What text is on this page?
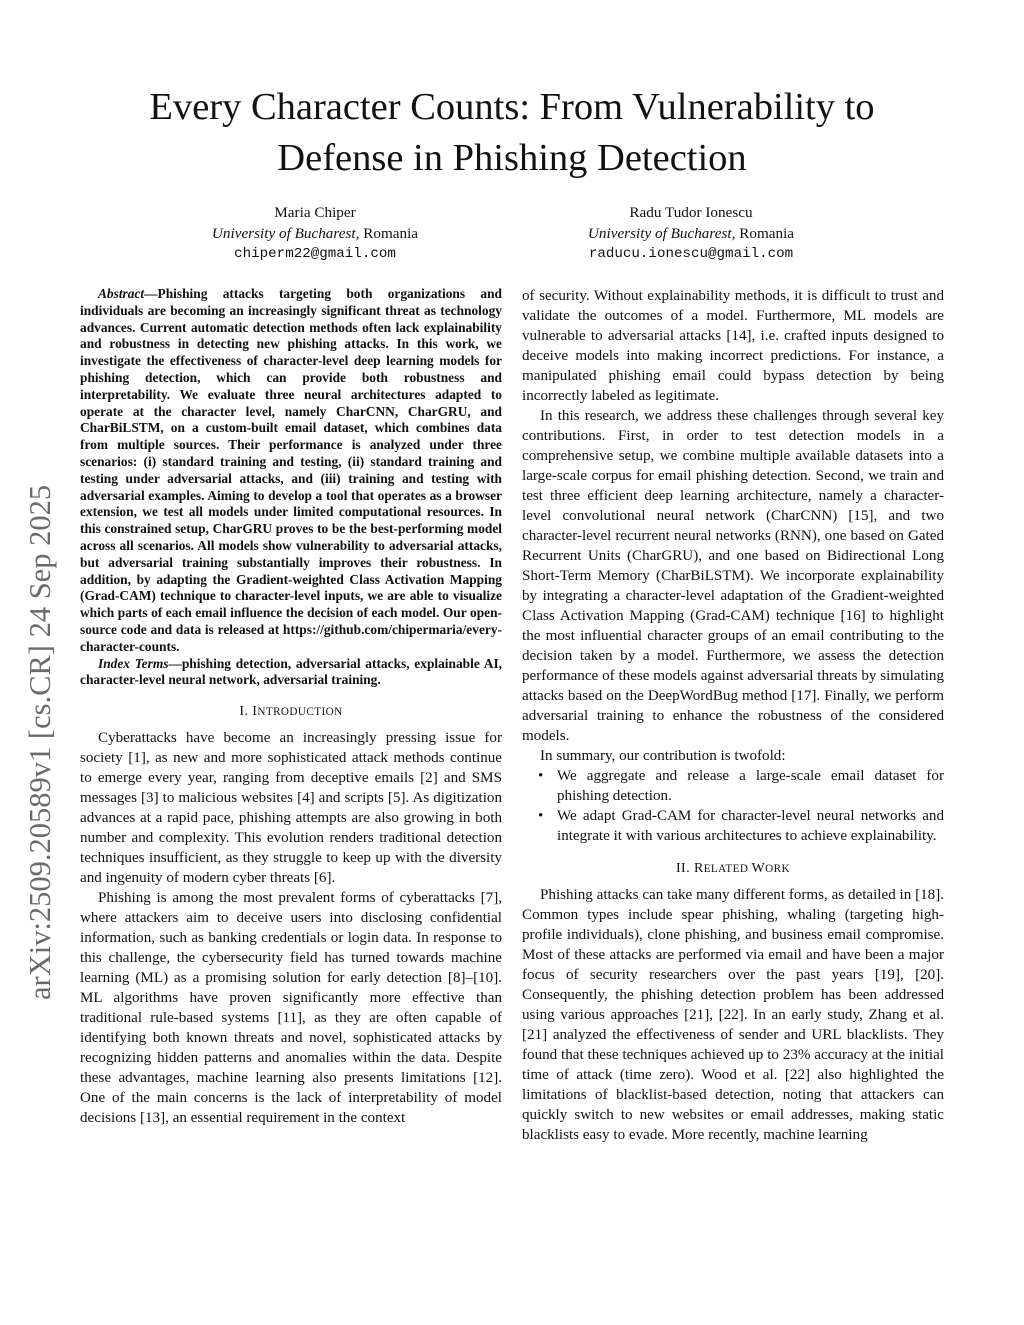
arXiv:2509.20589v1 [cs.CR] 24 Sep 2025
Every Character Counts: From Vulnerability to
Defense in Phishing Detection
Maria Chiper
University of Bucharest, Romania
chiperm22@gmail.com
Radu Tudor Ionescu
University of Bucharest, Romania
raducu.ionescu@gmail.com

Abstract—Phishing attacks targeting both organizations and individuals are becoming an increasingly significant threat as technology advances. Current automatic detection methods often lack explainability and robustness in detecting new phishing attacks. In this work, we investigate the effectiveness of character-level deep learning models for phishing detection, which can provide both robustness and interpretability. We evaluate three neural architectures adapted to operate at the character level, namely CharCNN, CharGRU, and CharBiLSTM, on a custom-built email dataset, which combines data from multiple sources. Their performance is analyzed under three scenarios: (i) standard training and testing, (ii) standard training and testing under adversarial attacks, and (iii) training and testing with adversarial examples. Aiming to develop a tool that operates as a browser extension, we test all models under limited computational resources. In this constrained setup, CharGRU proves to be the best-performing model across all scenarios. All models show vulnerability to adversarial attacks, but adversarial training substantially improves their robustness. In addition, by adapting the Gradient-weighted Class Activation Mapping (Grad-CAM) technique to character-level inputs, we are able to visualize which parts of each email influence the decision of each model. Our open-source code and data is released at https://github.com/chipermaria/every-character-counts.

Index Terms—phishing detection, adversarial attacks, explainable AI, character-level neural network, adversarial training.

I. INTRODUCTION

Cyberattacks have become an increasingly pressing issue for society [1], as new and more sophisticated attack methods continue to emerge every year, ranging from deceptive emails [2] and SMS messages [3] to malicious websites [4] and scripts [5]. As digitization advances at a rapid pace, phishing attempts are also growing in both number and complexity. This evolution renders traditional detection techniques insufficient, as they struggle to keep up with the diversity and ingenuity of modern cyber threats [6].

Phishing is among the most prevalent forms of cyberattacks [7], where attackers aim to deceive users into disclosing confidential information, such as banking credentials or login data. In response to this challenge, the cybersecurity field has turned towards machine learning (ML) as a promising solution for early detection [8]–[10]. ML algorithms have proven significantly more effective than traditional rule-based systems [11], as they are often capable of identifying both known threats and novel, sophisticated attacks by recognizing hidden patterns and anomalies within the data. Despite these advantages, machine learning also presents limitations [12]. One of the main concerns is the lack of interpretability of model decisions [13], an essential requirement in the context

of security. Without explainability methods, it is difficult to trust and validate the outcomes of a model. Furthermore, ML models are vulnerable to adversarial attacks [14], i.e. crafted inputs designed to deceive models into making incorrect predictions. For instance, a manipulated phishing email could bypass detection by being incorrectly labeled as legitimate.

In this research, we address these challenges through several key contributions. First, in order to test detection models in a comprehensive setup, we combine multiple available datasets into a large-scale corpus for email phishing detection. Second, we train and test three efficient deep learning architecture, namely a character-level convolutional neural network (CharCNN) [15], and two character-level recurrent neural networks (RNN), one based on Gated Recurrent Units (CharGRU), and one based on Bidirectional Long Short-Term Memory (CharBiLSTM). We incorporate explainability by integrating a character-level adaptation of the Gradient-weighted Class Activation Mapping (Grad-CAM) technique [16] to highlight the most influential character groups of an email contributing to the decision taken by a model. Furthermore, we assess the detection performance of these models against adversarial threats by simulating attacks based on the DeepWordBug method [17]. Finally, we perform adversarial training to enhance the robustness of the considered models.

In summary, our contribution is twofold:

• We aggregate and release a large-scale email dataset for phishing detection.
• We adapt Grad-CAM for character-level neural networks and integrate it with various architectures to achieve explainability.
II. RELATED WORK

Phishing attacks can take many different forms, as detailed in [18]. Common types include spear phishing, whaling (targeting high-profile individuals), clone phishing, and business email compromise. Most of these attacks are performed via email and have been a major focus of security researchers over the past years [19], [20]. Consequently, the phishing detection problem has been addressed using various approaches [21], [22]. In an early study, Zhang et al. [21] analyzed the effectiveness of sender and URL blacklists. They found that these techniques achieved up to 23% accuracy at the initial time of attack (time zero). Wood et al. [22] also highlighted the limitations of blacklist-based detection, noting that attackers can quickly switch to new websites or email addresses, making static blacklists easy to evade. More recently, machine learning
